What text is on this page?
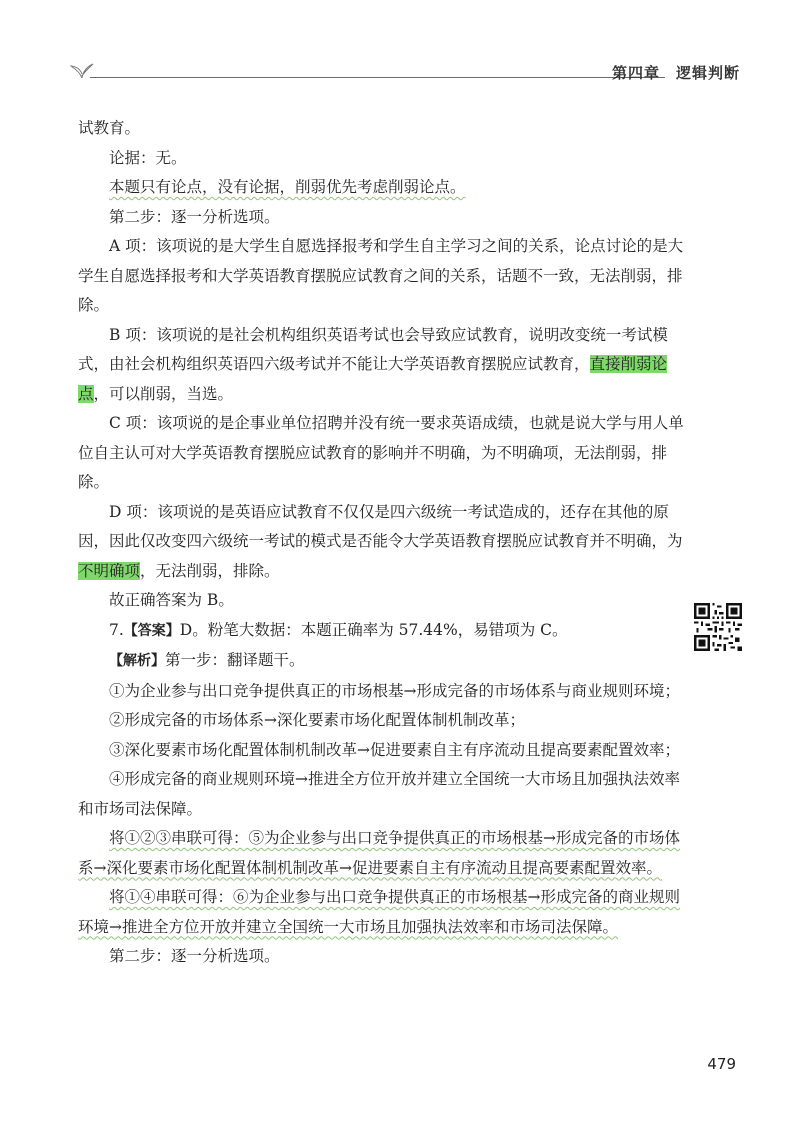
第四章　逻辑判断

试教育。

论据：无。

本题只有论点，没有论据，削弱优先考虑削弱论点。

第二步：逐一分析选项。

A 项：该项说的是大学生自愿选择报考和学生自主学习之间的关系，论点讨论的是大学生自愿选择报考和大学英语教育摆脱应试教育之间的关系，话题不一致，无法削弱，排除。

B 项：该项说的是社会机构组织英语考试也会导致应试教育，说明改变统一考试模式，由社会机构组织英语四六级考试并不能让大学英语教育摆脱应试教育，直接削弱论点，可以削弱，当选。

C 项：该项说的是企事业单位招聘并没有统一要求英语成绩，也就是说大学与用人单位自主认可对大学英语教育摆脱应试教育的影响并不明确，为不明确项，无法削弱，排除。

D 项：该项说的是英语应试教育不仅仅是四六级统一考试造成的，还存在其他的原因，因此仅改变四六级统一考试的模式是否能令大学英语教育摆脱应试教育并不明确，为不明确项，无法削弱，排除。

故正确答案为 B。

7.【答案】D。粉笔大数据：本题正确率为 57.44%，易错项为 C。

【解析】第一步：翻译题干。

①为企业参与出口竞争提供真正的市场根基→形成完备的市场体系与商业规则环境；

②形成完备的市场体系→深化要素市场化配置体制机制改革；

③深化要素市场化配置体制机制改革→促进要素自主有序流动且提高要素配置效率；

④形成完备的商业规则环境→推进全方位开放并建立全国统一大市场且加强执法效率和市场司法保障。

将①②③串联可得：⑤为企业参与出口竞争提供真正的市场根基→形成完备的市场体系→深化要素市场化配置体制机制改革→促进要素自主有序流动且提高要素配置效率。

将①④串联可得：⑥为企业参与出口竞争提供真正的市场根基→形成完备的商业规则环境→推进全方位开放并建立全国统一大市场且加强执法效率和市场司法保障。

第二步：逐一分析选项。

479
